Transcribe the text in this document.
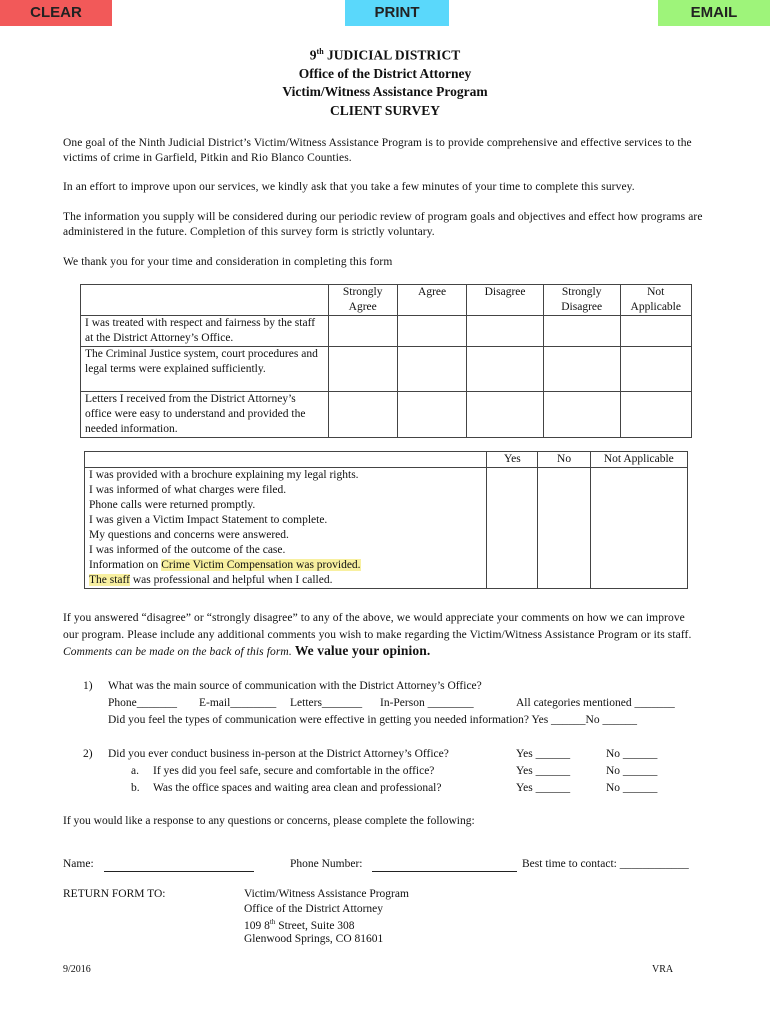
CLEAR	PRINT	EMAIL
9th JUDICIAL DISTRICT
Office of the District Attorney
Victim/Witness Assistance Program
CLIENT SURVEY
One goal of the Ninth Judicial District’s Victim/Witness Assistance Program is to provide comprehensive and effective services to the victims of crime in Garfield, Pitkin and Rio Blanco Counties.
In an effort to improve upon our services, we kindly ask that you take a few minutes of your time to complete this survey.
The information you supply will be considered during our periodic review of program goals and objectives and effect how programs are administered in the future. Completion of this survey form is strictly voluntary.
We thank you for your time and consideration in completing this form
	Strongly Agree	Agree	Disagree	Strongly Disagree	Not Applicable
I was treated with respect and fairness by the staff at the District Attorney’s Office.					
The Criminal Justice system, court procedures and legal terms were explained sufficiently.					
Letters I received from the District Attorney’s office were easy to understand and provided the needed information.					
	Yes	No	Not Applicable
I was provided with a brochure explaining my legal rights.			
I was informed of what charges were filed.			
Phone calls were returned promptly.			
I was given a Victim Impact Statement to complete.			
My questions and concerns were answered.			
I was informed of the outcome of the case.			
Information on Crime Victim Compensation was provided.			
The staff was professional and helpful when I called.			
If you answered “disagree” or “strongly disagree” to any of the above, we would appreciate your comments on how we can improve our program. Please include any additional comments you wish to make regarding the Victim/Witness Assistance Program or its staff. Comments can be made on the back of this form. We value your opinion.
1) What was the main source of communication with the District Attorney’s Office?
Phone_______ E-mail________ Letters_______ In-Person ________	All categories mentioned _______
Did you feel the types of communication were effective in getting you needed information? Yes ______No ______
2) Did you ever conduct business in-person at the District Attorney’s Office?	Yes ______	No ______
a. If yes did you feel safe, secure and comfortable in the office?	Yes ______	No ______
b. Was the office spaces and waiting area clean and professional?	Yes ______	No ______
If you would like a response to any questions or concerns, please complete the following:
Name:	Phone Number:	Best time to contact: ____________
RETURN FORM TO:	Victim/Witness Assistance Program
Office of the District Attorney
109 8th Street, Suite 308
Glenwood Springs, CO 81601
9/2016	VRA
